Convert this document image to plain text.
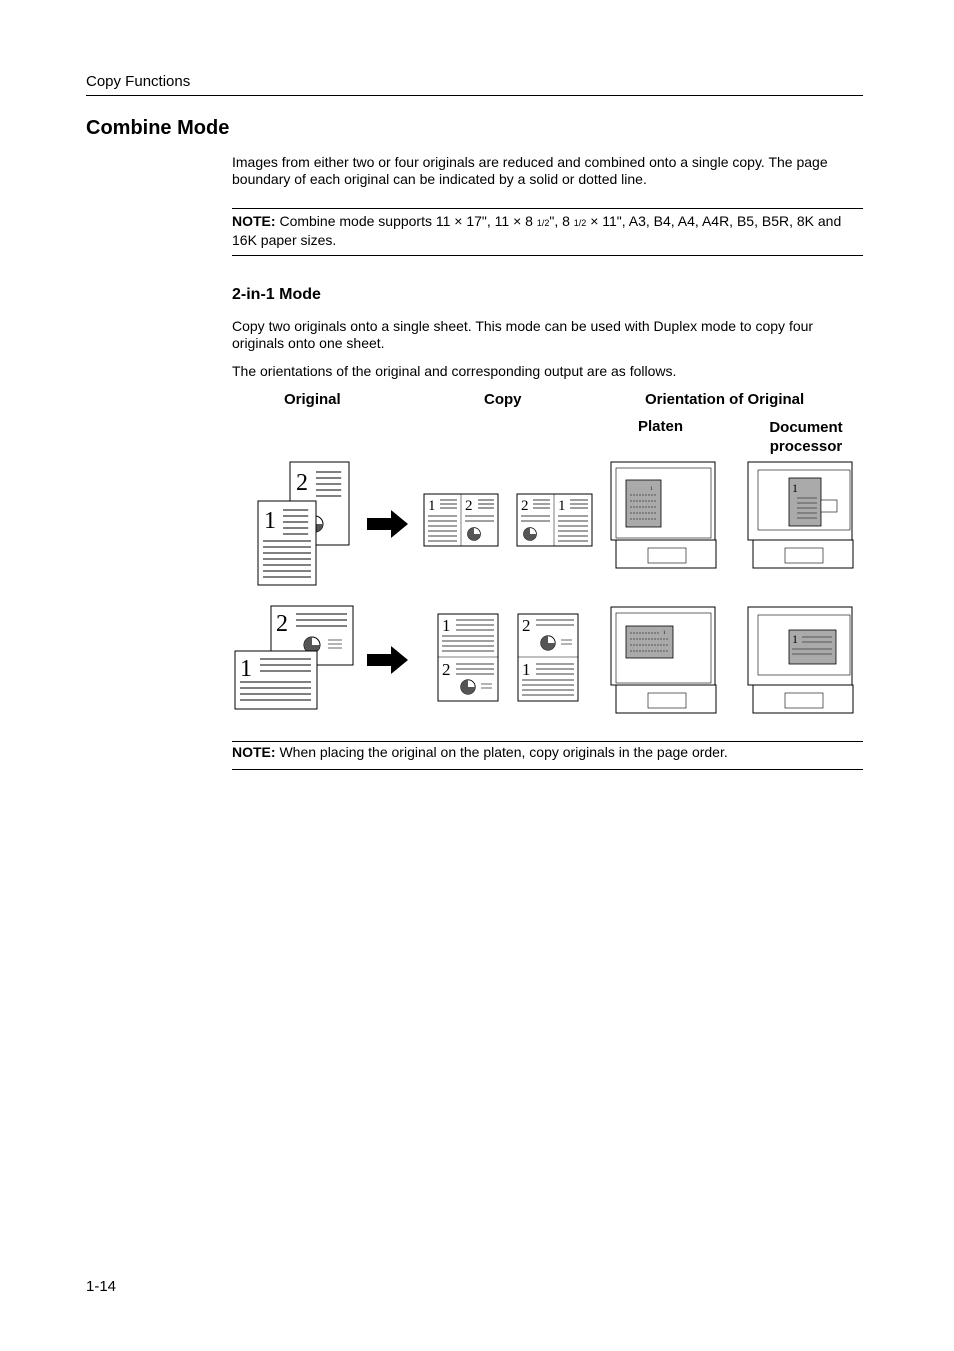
Copy Functions
Combine Mode
Images from either two or four originals are reduced and combined onto a single copy. The page boundary of each original can be indicated by a solid or dotted line.
NOTE: Combine mode supports 11 × 17", 11 × 8 1/2", 8 1/2 × 11", A3, B4, A4, A4R, B5, B5R, 8K and 16K paper sizes.
2-in-1 Mode
Copy two originals onto a single sheet. This mode can be used with Duplex mode to copy four originals onto one sheet.
The orientations of the original and corresponding output are as follows.
Original	Copy	Orientation of Original
Platen	Document
processor
2
1
1 2	2 1
1	1
2
1
1
2
2
1
1	1
NOTE: When placing the original on the platen, copy originals in the page order.
1-14
